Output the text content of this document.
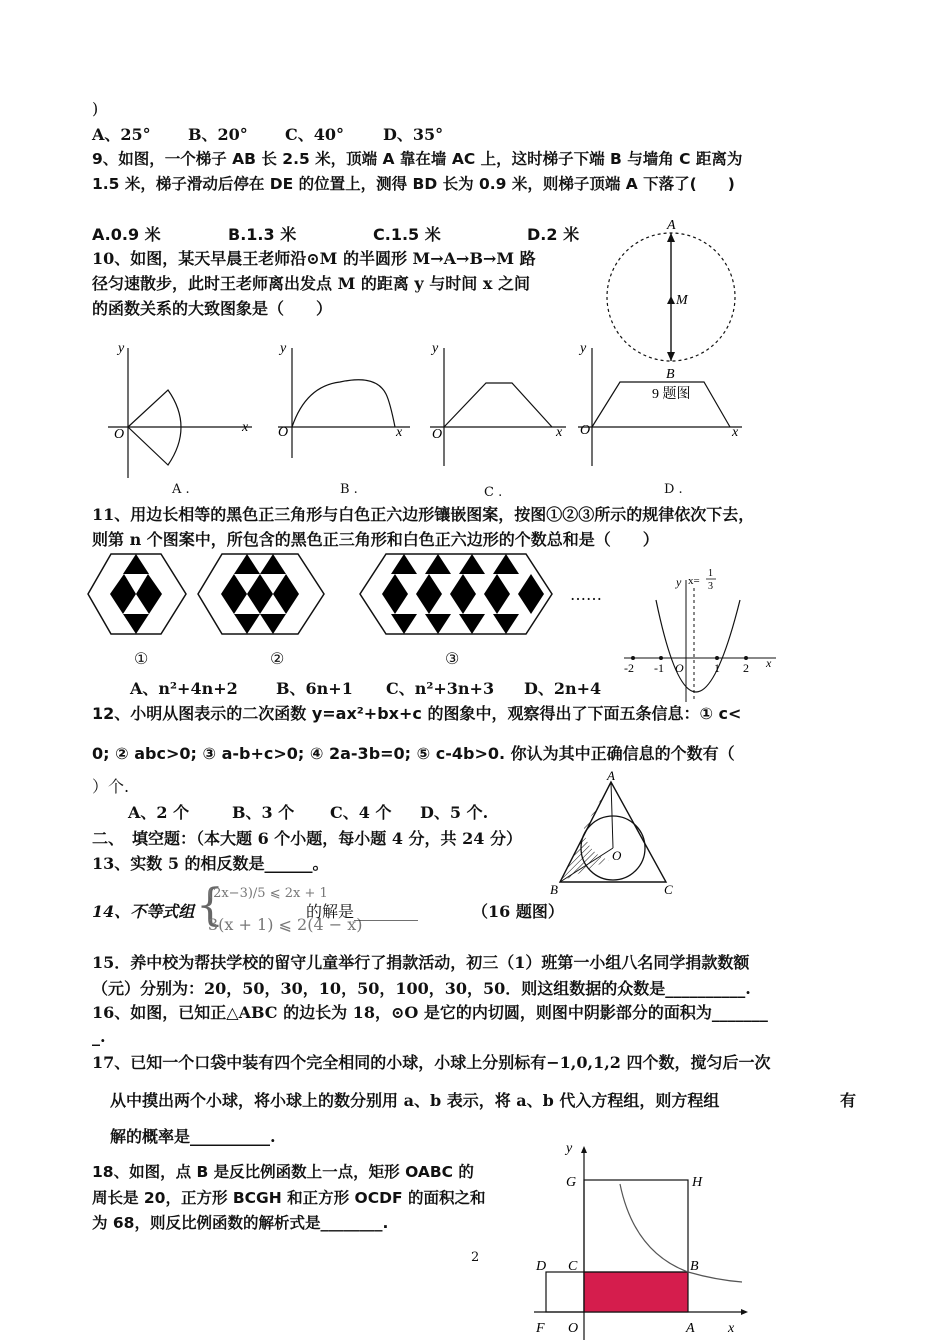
)
A、25° B、20° C、40° D、35°
9、如图，一个梯子 AB 长 2.5 米，顶端 A 靠在墙 AC 上，这时梯子下端 B 与墙角 C 距离为
1.5 米，梯子滑动后停在 DE 的位置上，测得 BD 长为 0.9 米，则梯子顶端 A 下落了(　　)
A.0.9 米	B.1.3 米	C.1.5 米	D.2 米
10、如图，某天早晨王老师沿⊙M 的半圆形 M→A→B→M 路
径匀速散步，此时王老师离出发点 M 的距离 y 与时间 x 之间
的函数关系的大致图象是（　　）
A
M
B
9 题图
y
x
O
A .
y
x
O
B .
y
x
O
C .
y
x
O
D .
11、用边长相等的黑色正三角形与白色正六边形镶嵌图案，按图①②③所示的规律依次下去，
则第 n 个图案中，所包含的黑色正三角形和白色正六边形的个数总和是（　　）
……
①	②	③
A、n²+4n+2 B、6n+1 C、n²+3n+3 D、2n+4
-2 -1 O	1 2 x
y x=
1
3
12、小明从图表示的二次函数 y=ax²+bx+c 的图象中，观察得出了下面五条信息：① c<
0; ② abc>0; ③ a-b+c>0; ④ 2a-3b=0; ⑤ c-4b>0. 你认为其中正确信息的个数有（
）个.
A、2 个	B、3 个 C、4 个 D、5 个.
二、　填空题：（本大题 6 个小题，每小题 4 分，共 24 分）
13、实数 5 的相反数是______。
A
O
B	C
14、不等式组 {
(2x−3)/5 ⩽ 2x + 1
3(x + 1) ⩽ 2(4 − x)
的解是________	（16 题图）
15．养中校为帮扶学校的留守儿童举行了捐款活动，初三（1）班第一小组八名同学捐款数额
（元）分别为：20，50，30，10，50，100，30，50．则这组数据的众数是__________.
16、如图，已知正△ABC 的边长为 18，⊙O 是它的内切圆，则图中阴影部分的面积为_______
_.
17、已知一个口袋中装有四个完全相同的小球，小球上分别标有−1,0,1,2 四个数，搅匀后一次
从中摸出两个小球，将小球上的数分别用 a、b 表示，将 a、b 代入方程组，则方程组	有
解的概率是__________.
18、如图，点 B 是反比例函数上一点，矩形 OABC 的
周长是 20，正方形 BCGH 和正方形 OCDF 的面积之和
为 68，则反比例函数的解析式是________.
y
G	H
C	B
D
F O	A x
2
